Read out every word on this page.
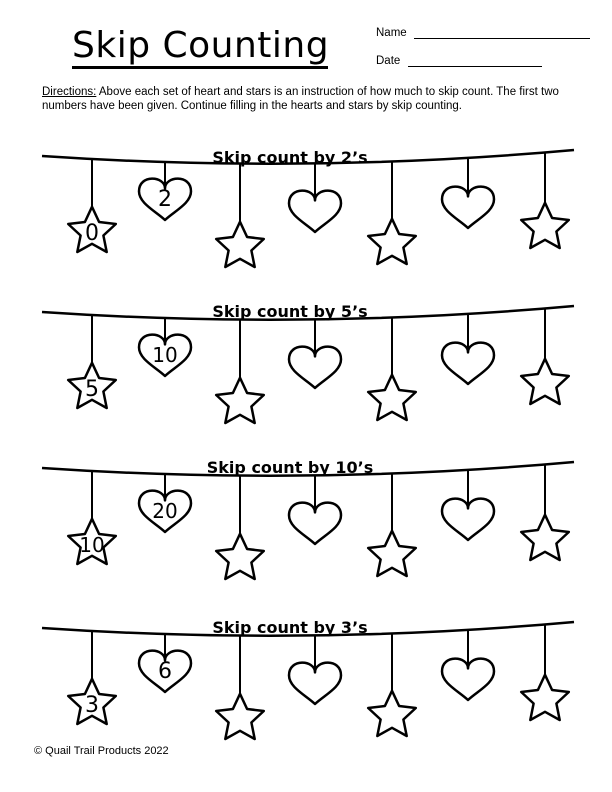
Skip Counting	Name
Date
Directions: Above each set of heart and stars is an instruction of how much to skip count. The first two numbers have been given. Continue filling in the hearts and stars by skip counting.
Skip count by 2’s
0
2
Skip count by 5’s
5
10
Skip count by 10’s
10
20
Skip count by 3’s
3
6
© Quail Trail Products 2022
